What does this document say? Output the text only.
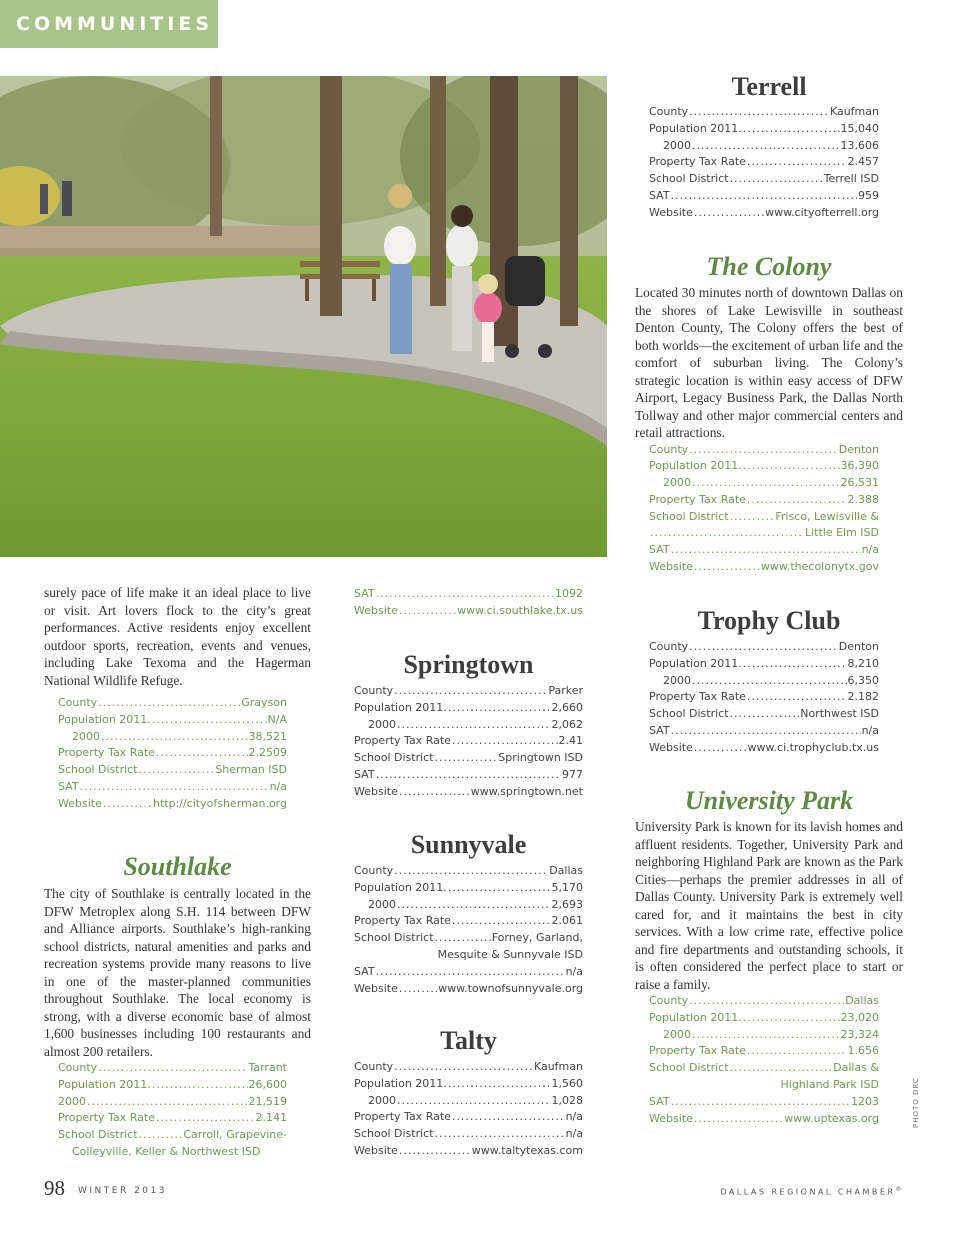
COMMUNITIES
PHOTO DRC

surely pace of life make it an ideal place to live or visit. Art lovers flock to the city’s great performances. Active residents enjoy excellent outdoor sports, recreation, events and venues, including Lake Texoma and the Hagerman National Wildlife Refuge.

County .....	Grayson
Population 2011. .....	N/A
2000 .....	38,521
Property Tax Rate .....	2.2509
School District .....	Sherman ISD
SAT .....	n/a
Website .....	http://cityofsherman.org
Southlake

The city of Southlake is centrally located in the DFW Metroplex along S.H. 114 between DFW and Alliance airports. Southlake’s high-ranking school districts, natural amenities and parks and recreation systems provide many reasons to live in one of the master-planned communities throughout Southlake. The local economy is strong, with a diverse economic base of almost 1,600 businesses including 100 restaurants and almost 200 retailers.

County .....	Tarrant
Population 2011. .....	26,600
2000 .....	21,519
Property Tax Rate .....	2.141
School District .....	Carroll, Grapevine-
Colleyville, Keller & Northwest ISD
SAT .....	1092
Website .....	www.ci.southlake.tx.us
Springtown
County .....	Parker
Population 2011. .....	2,660
2000 .....	2,062
Property Tax Rate .....	2.41
School District .....	Springtown ISD
SAT .....	977
Website .....	www.springtown.net
Sunnyvale
County .....	Dallas
Population 2011. .....	5,170
2000 .....	2,693
Property Tax Rate .....	2.061
School District .....	Forney, Garland,
Mesquite & Sunnyvale ISD
SAT .....	n/a
Website .....	www.townofsunnyvale.org
Talty
County .....	Kaufman
Population 2011. .....	1,560
2000 .....	1,028
Property Tax Rate .....	n/a
School District .....	n/a
Website .....	www.taltytexas.com
Terrell
County .....	Kaufman
Population 2011. .....	15,040
2000 .....	13,606
Property Tax Rate .....	2.457
School District .....	Terrell ISD
SAT .....	959
Website .....	www.cityofterrell.org
The Colony

Located 30 minutes north of downtown Dallas on the shores of Lake Lewisville in southeast Denton County, The Colony offers the best of both worlds—the excitement of urban life and the comfort of suburban living. The Colony’s strategic location is within easy access of DFW Airport, Legacy Business Park, the Dallas North Tollway and other major commercial centers and retail attractions.

County .....	Denton
Population 2011. .....	36,390
2000 .....	26,531
Property Tax Rate .....	2.388
School District .....	Frisco, Lewisville &
.....
Little Elm ISD
SAT .....	n/a
Website .....	www.thecolonytx.gov
Trophy Club
County .....	Denton
Population 2011. .....	8,210
2000 .....	6,350
Property Tax Rate .....	2.182
School District .....	Northwest ISD
SAT .....	n/a
Website .....	www.ci.trophyclub.tx.us
University Park

University Park is known for its lavish homes and affluent residents. Together, University Park and neighboring Highland Park are known as the Park Cities—perhaps the premier addresses in all of Dallas County. University Park is extremely well cared for, and it maintains the best in city services. With a low crime rate, effective police and fire departments and outstanding schools, it is often considered the perfect place to start or raise a family.

County .....	Dallas
Population 2011. .....	23,020
2000 .....	23,324
Property Tax Rate .....	1.656
School District .....	Dallas &
Highland Park ISD
SAT .....	1203
Website .....	www.uptexas.org
98 WINTER 2013	DALLAS REGIONAL CHAMBER®
